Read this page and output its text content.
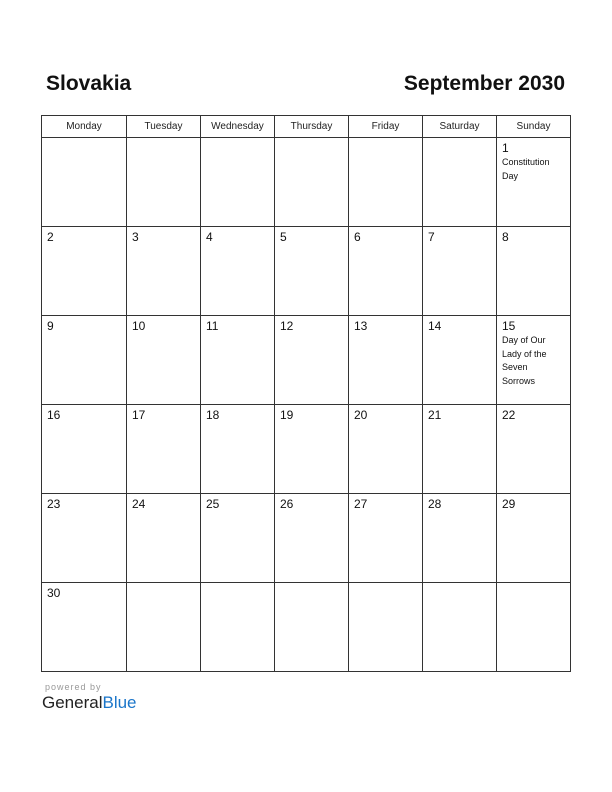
Slovakia	September 2030
Monday	Tuesday	Wednesday	Thursday	Friday	Saturday	Sunday

						1
Constitution Day

2	3	4	5	6	7	8

9	10	11	12	13	14	15
Day of Our Lady of the Seven Sorrows

16	17	18	19	20	21	22

23	24	25	26	27	28	29

30						

powered by
GeneralBlue
